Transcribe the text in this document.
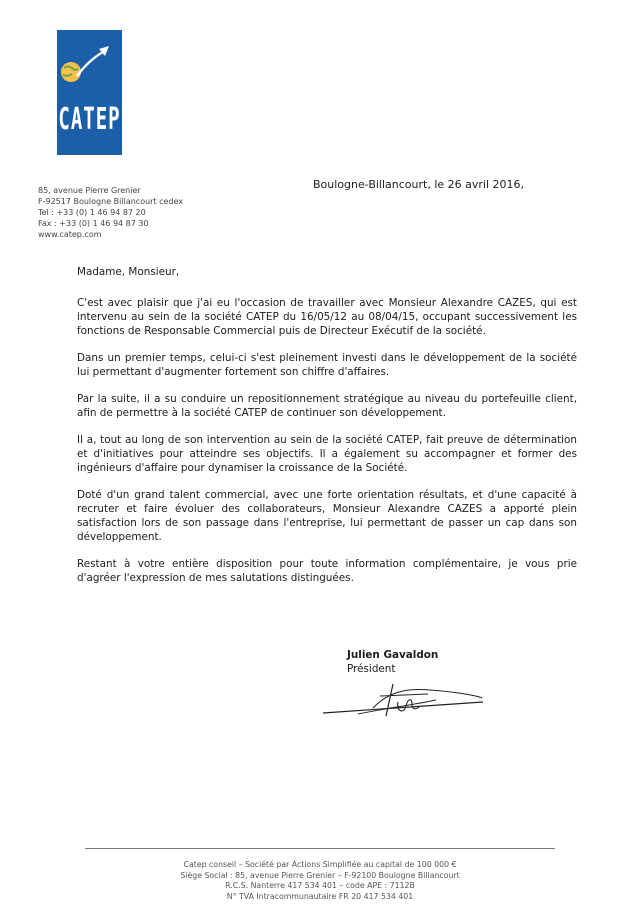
CATEP
conseil
85, avenue Pierre Grenier
F-92517 Boulogne Billancourt cedex
Tel : +33 (0) 1 46 94 87 20
Fax : +33 (0) 1 46 94 87 30
www.catep.com
Boulogne-Billancourt, le 26 avril 2016,

Madame, Monsieur,

C'est avec plaisir que j'ai eu l'occasion de travailler avec Monsieur Alexandre CAZES, qui est intervenu au sein de la société CATEP du 16/05/12 au 08/04/15, occupant successivement les fonctions de Responsable Commercial puis de Directeur Exécutif de la société.

Dans un premier temps, celui-ci s'est pleinement investi dans le développement de la société lui permettant d'augmenter fortement son chiffre d'affaires.

Par la suite, il a su conduire un repositionnement stratégique au niveau du portefeuille client, afin de permettre à la société CATEP de continuer son développement.

Il a, tout au long de son intervention au sein de la société CATEP, fait preuve de détermination et d'initiatives pour atteindre ses objectifs. Il a également su accompagner et former des ingénieurs d'affaire pour dynamiser la croissance de la Société.

Doté d'un grand talent commercial, avec une forte orientation résultats, et d'une capacité à recruter et faire évoluer des collaborateurs, Monsieur Alexandre CAZES a apporté plein satisfaction lors de son passage dans l'entreprise, lui permettant de passer un cap dans son développement.

Restant à votre entière disposition pour toute information complémentaire, je vous prie d'agréer l'expression de mes salutations distinguées.

Julien Gavaldon
Président
Catep conseil – Société par Actions Simplifiée au capital de 100 000 €
Siège Social : 85, avenue Pierre Grenier – F-92100 Boulogne Billancourt
R.C.S. Nanterre 417 534 401 – code APE : 7112B
N° TVA Intracommunautaire FR 20 417 534 401
